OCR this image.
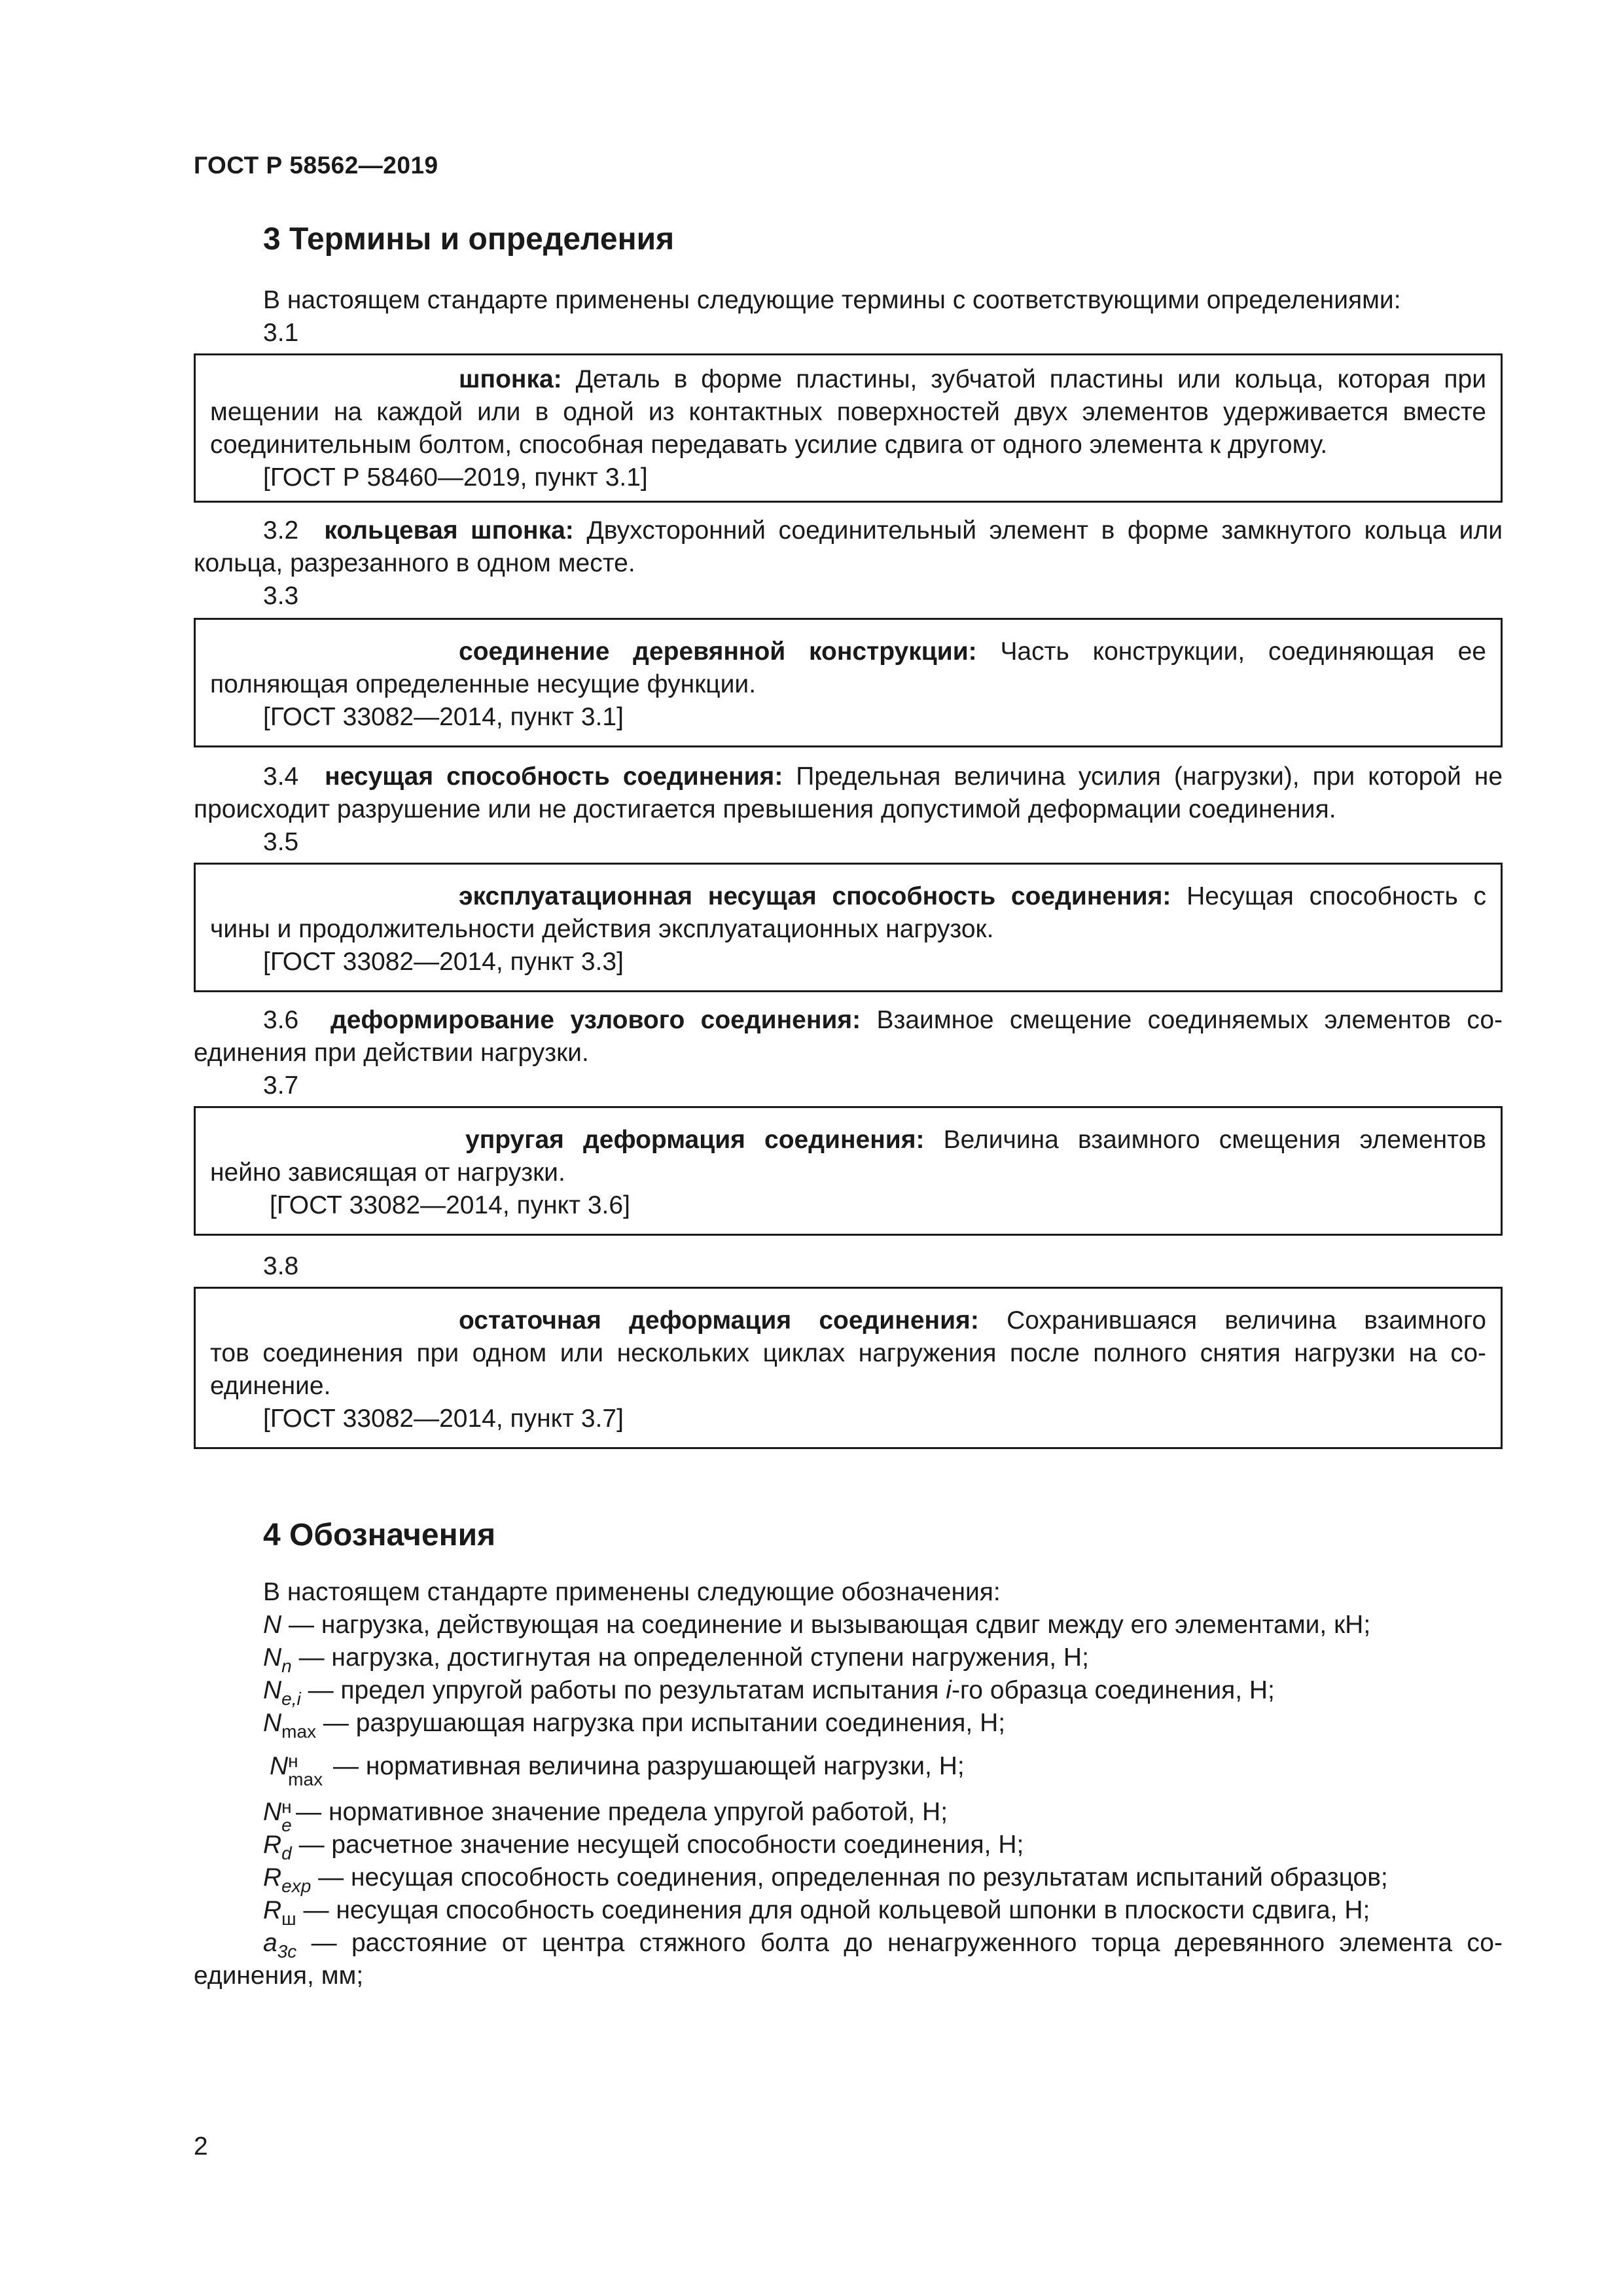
ГОСТ Р 58562—2019
3 Термины и определения
В настоящем стандарте применены следующие термины с соответствующими определениями:
3.1
шпонка: Деталь в форме пластины, зубчатой пластины или кольца, которая при
мещении на каждой или в одной из контактных поверхностей двух элементов удерживается вместе
соединительным болтом, способная передавать усилие сдвига от одного элемента к другому.
[ГОСТ Р 58460—2019, пункт 3.1]
3.2 кольцевая шпонка: Двухсторонний соединительный элемент в форме замкнутого кольца или
кольца, разрезанного в одном месте.
3.3
соединение деревянной конструкции: Часть конструкции, соединяющая ее
полняющая определенные несущие функции.
[ГОСТ 33082—2014, пункт 3.1]
3.4 несущая способность соединения: Предельная величина усилия (нагрузки), при которой не
происходит разрушение или не достигается превышения допустимой деформации соединения.
3.5
эксплуатационная несущая способность соединения: Несущая способность с
чины и продолжительности действия эксплуатационных нагрузок.
[ГОСТ 33082—2014, пункт 3.3]
3.6 деформирование узлового соединения: Взаимное смещение соединяемых элементов со-
единения при действии нагрузки.
3.7
упругая деформация соединения: Величина взаимного смещения элементов
нейно зависящая от нагрузки.
[ГОСТ 33082—2014, пункт 3.6]
3.8
остаточная деформация соединения: Сохранившаяся величина взаимного
тов соединения при одном или нескольких циклах нагружения после полного снятия нагрузки на со-
единение.
[ГОСТ 33082—2014, пункт 3.7]
4 Обозначения
В настоящем стандарте применены следующие обозначения:
N — нагрузка, действующая на соединение и вызывающая сдвиг между его элементами, кН;
$N_n$ — нагрузка, достигнутая на определенной ступени нагружения, Н;
$N_{e,i}$ — предел упругой работы по результатам испытания i-го образца соединения, Н;
$N_{max}$ — разрушающая нагрузка при испытании соединения, Н;
N н
max — нормативная величина разрушающей нагрузки, Н;
N н
e — нормативное значение предела упругой работой, Н;
$R_d$ — расчетное значение несущей способности соединения, Н;
$R_{exp}$ — несущая способность соединения, определенная по результатам испытаний образцов;
$R_ш$ — несущая способность соединения для одной кольцевой шпонки в плоскости сдвига, Н;
$a_{3c}$ — расстояние от центра стяжного болта до ненагруженного торца деревянного элемента со-
единения, мм;
2
